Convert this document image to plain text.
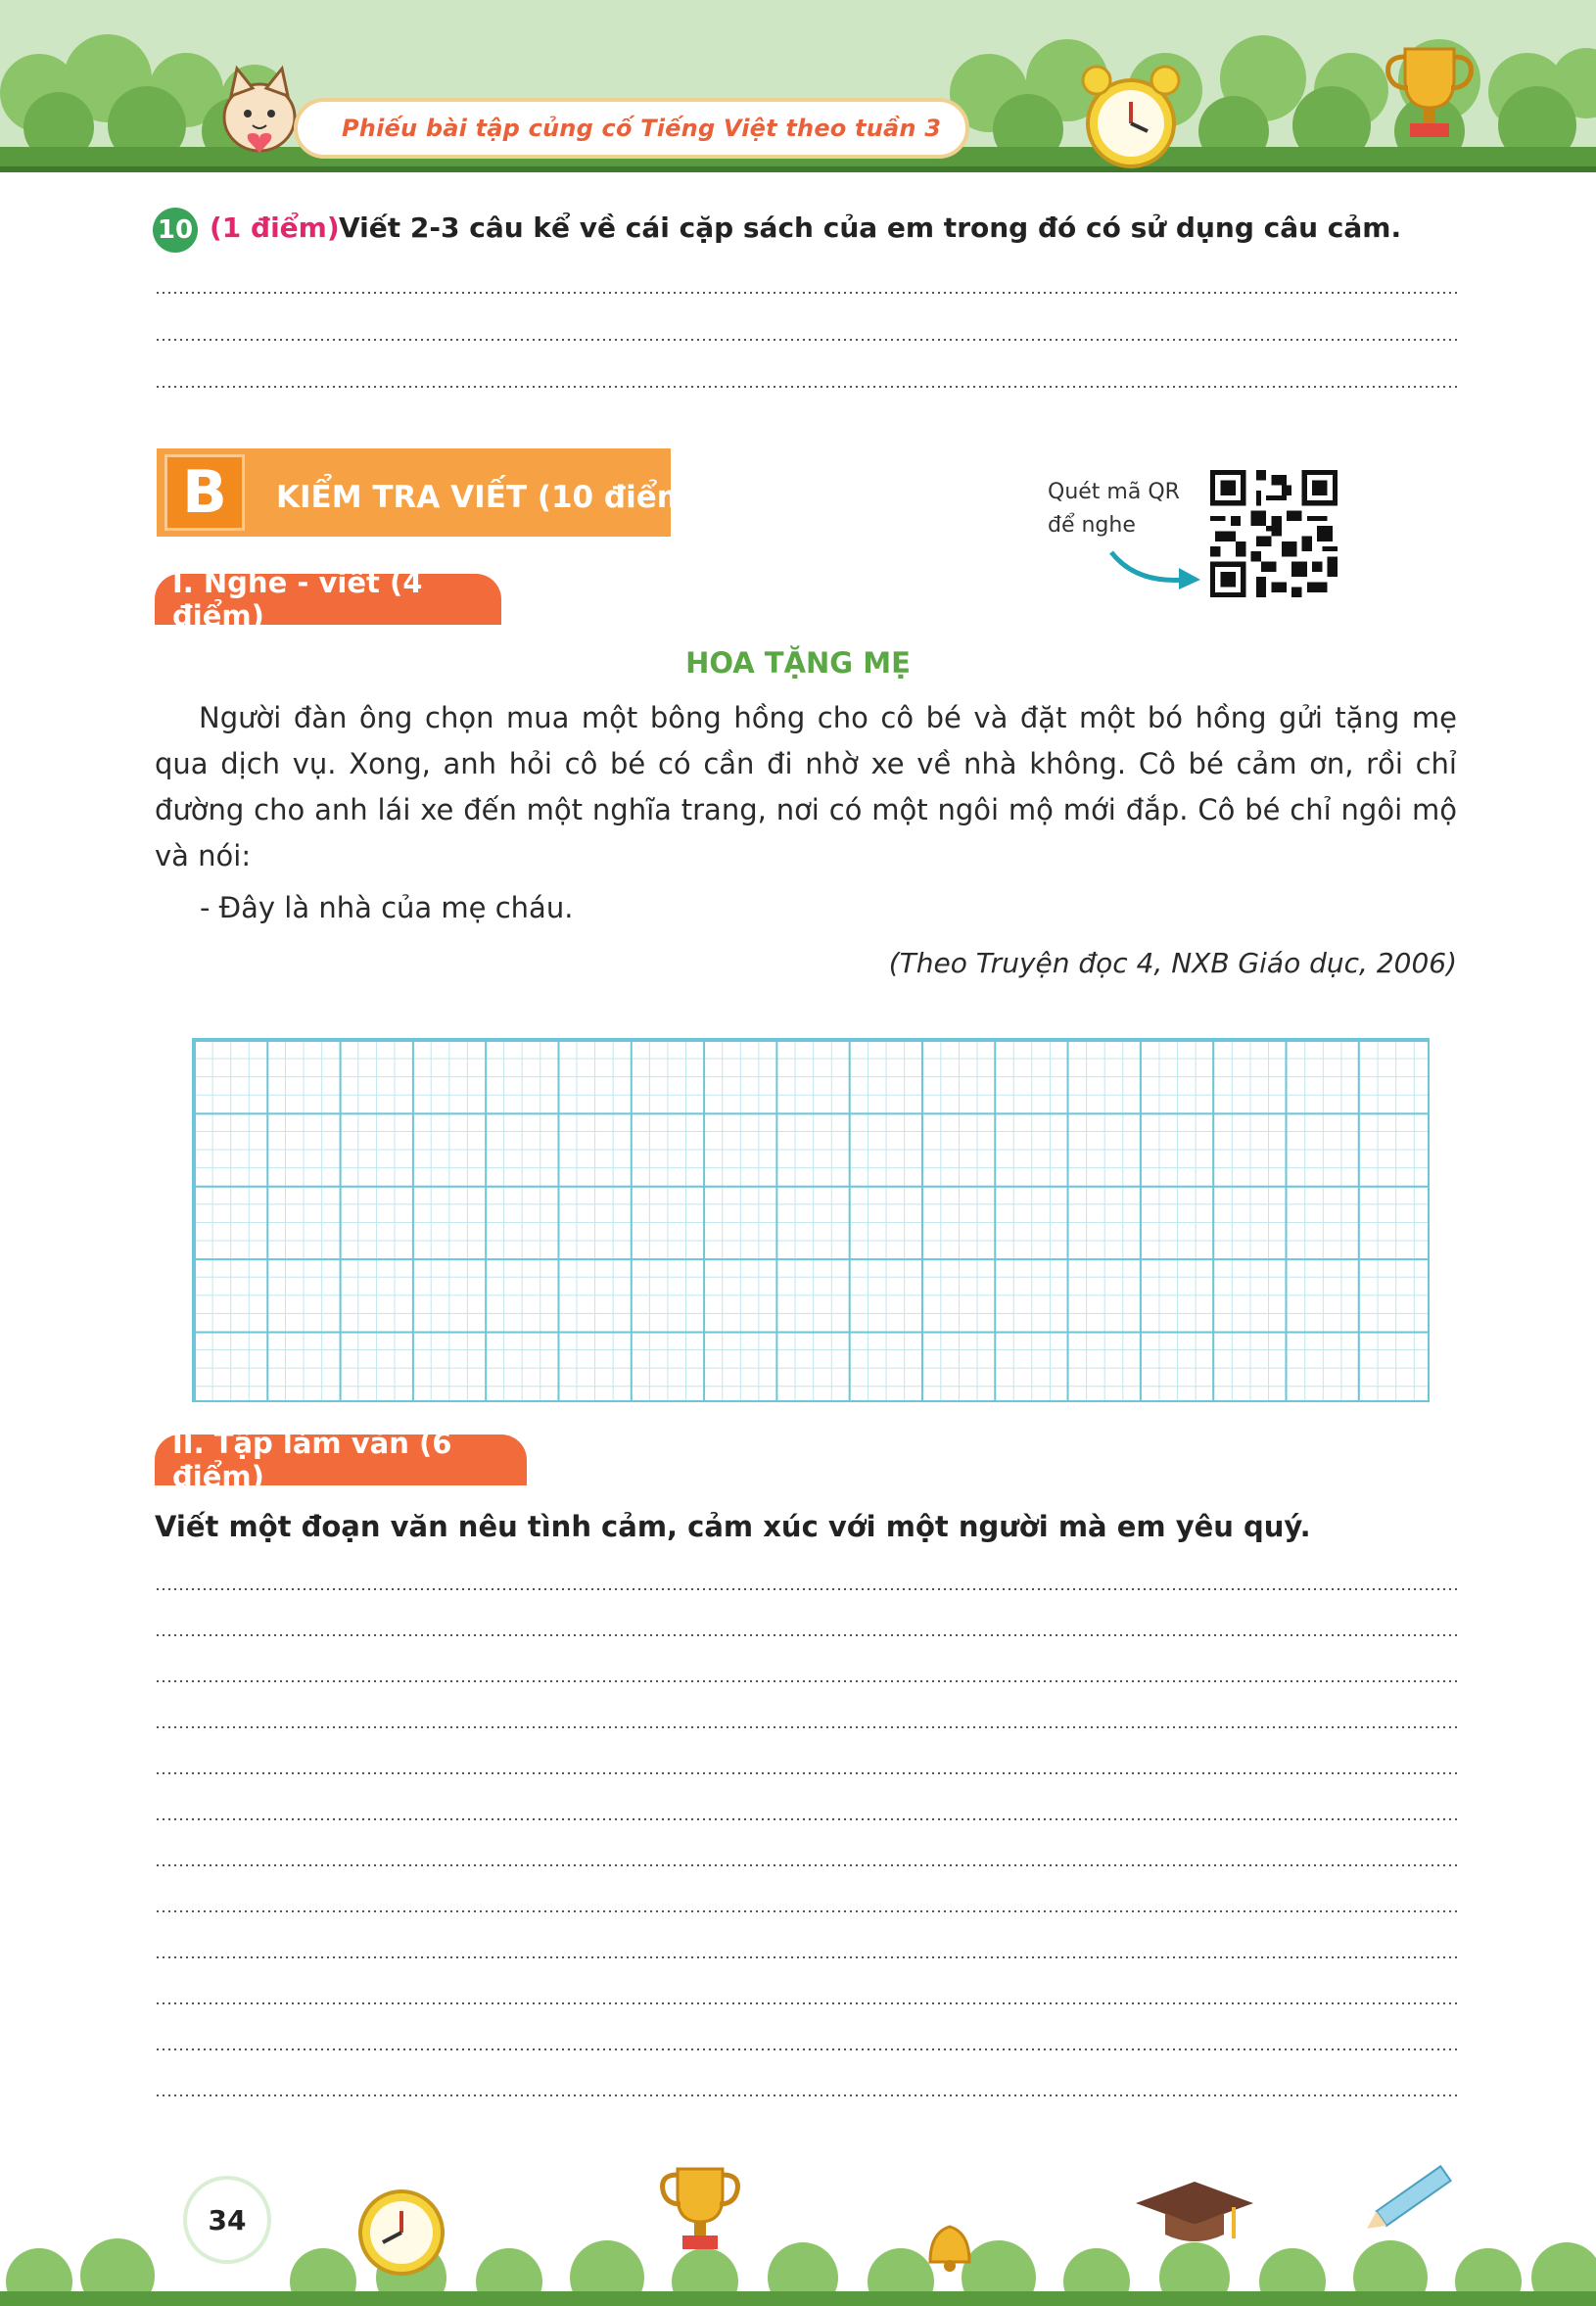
Phiếu bài tập củng cố Tiếng Việt theo tuần 3
10 (1 điểm) Viết 2-3 câu kể về cái cặp sách của em trong đó có sử dụng câu cảm.
B KIỂM TRA VIẾT (10 điểm)	Quét mã QR
để nghe
I. Nghe - viết (4 điểm)
HOA TẶNG MẸ
Người đàn ông chọn mua một bông hồng cho cô bé và đặt một bó hồng gửi tặng mẹ qua dịch vụ. Xong, anh hỏi cô bé có cần đi nhờ xe về nhà không. Cô bé cảm ơn, rồi chỉ đường cho anh lái xe đến một nghĩa trang, nơi có một ngôi mộ mới đắp. Cô bé chỉ ngôi mộ và nói:
- Đây là nhà của mẹ cháu.
(Theo Truyện đọc 4, NXB Giáo dục, 2006)
II. Tập làm văn (6 điểm)
Viết một đoạn văn nêu tình cảm, cảm xúc với một người mà em yêu quý.
34
